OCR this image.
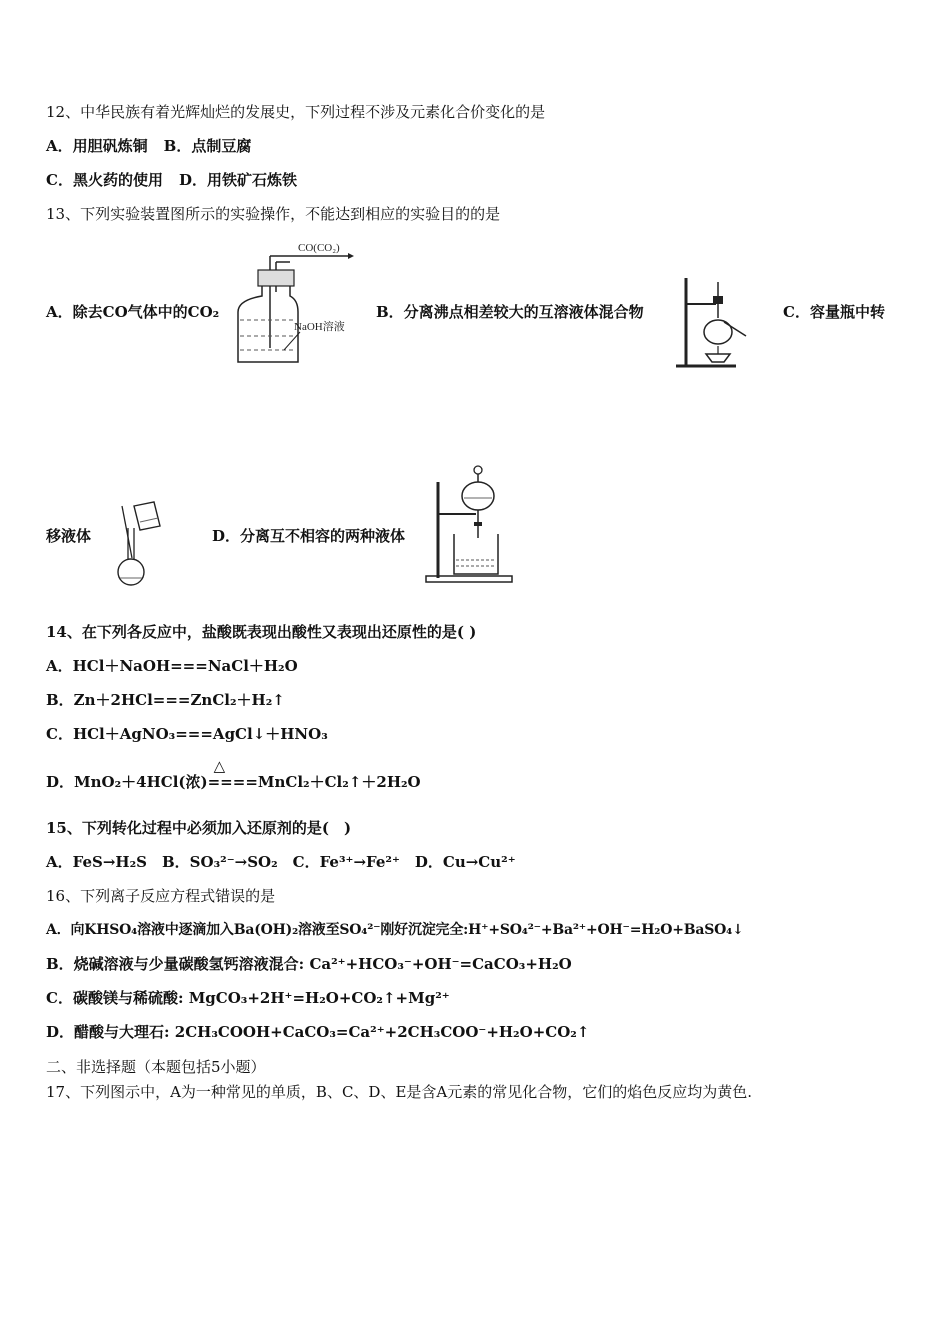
12、中华民族有着光辉灿烂的发展史，下列过程不涉及元素化合价变化的是
A．用胆矾炼铜 B．点制豆腐
C．黑火药的使用 D．用铁矿石炼铁
13、下列实验装置图所示的实验操作，不能达到相应的实验目的的是
A．除去CO气体中的CO₂
CO(CO₂)
NaOH溶液
B．分离沸点相差较大的互溶液体混合物	C．容量瓶中转
移液体	D．分离互不相容的两种液体
14、在下列各反应中，盐酸既表现出酸性又表现出还原性的是( )
A．HCl＋NaOH===NaCl＋H₂O
B．Zn＋2HCl===ZnCl₂＋H₂↑
C．HCl＋AgNO₃===AgCl↓＋HNO₃
D．MnO₂＋4HCl(浓)
△
====MnCl₂＋Cl₂↑＋2H₂O
15、下列转化过程中必须加入还原剂的是(　)
A．FeS→H₂S　B．SO₃²⁻→SO₂　C．Fe³⁺→Fe²⁺　D．Cu→Cu²⁺
16、下列离子反应方程式错误的是
A．向KHSO₄溶液中逐滴加入Ba(OH)₂溶液至SO₄²⁻刚好沉淀完全:H⁺+SO₄²⁻+Ba²⁺+OH⁻=H₂O+BaSO₄↓
B．烧碱溶液与少量碳酸氢钙溶液混合: Ca²⁺+HCO₃⁻+OH⁻=CaCO₃+H₂O
C．碳酸镁与稀硫酸: MgCO₃+2H⁺=H₂O+CO₂↑+Mg²⁺
D．醋酸与大理石: 2CH₃COOH+CaCO₃=Ca²⁺+2CH₃COO⁻+H₂O+CO₂↑
二、非选择题（本题包括5小题）
17、下列图示中，A为一种常见的单质，B、C、D、E是含A元素的常见化合物，它们的焰色反应均为黄色.
